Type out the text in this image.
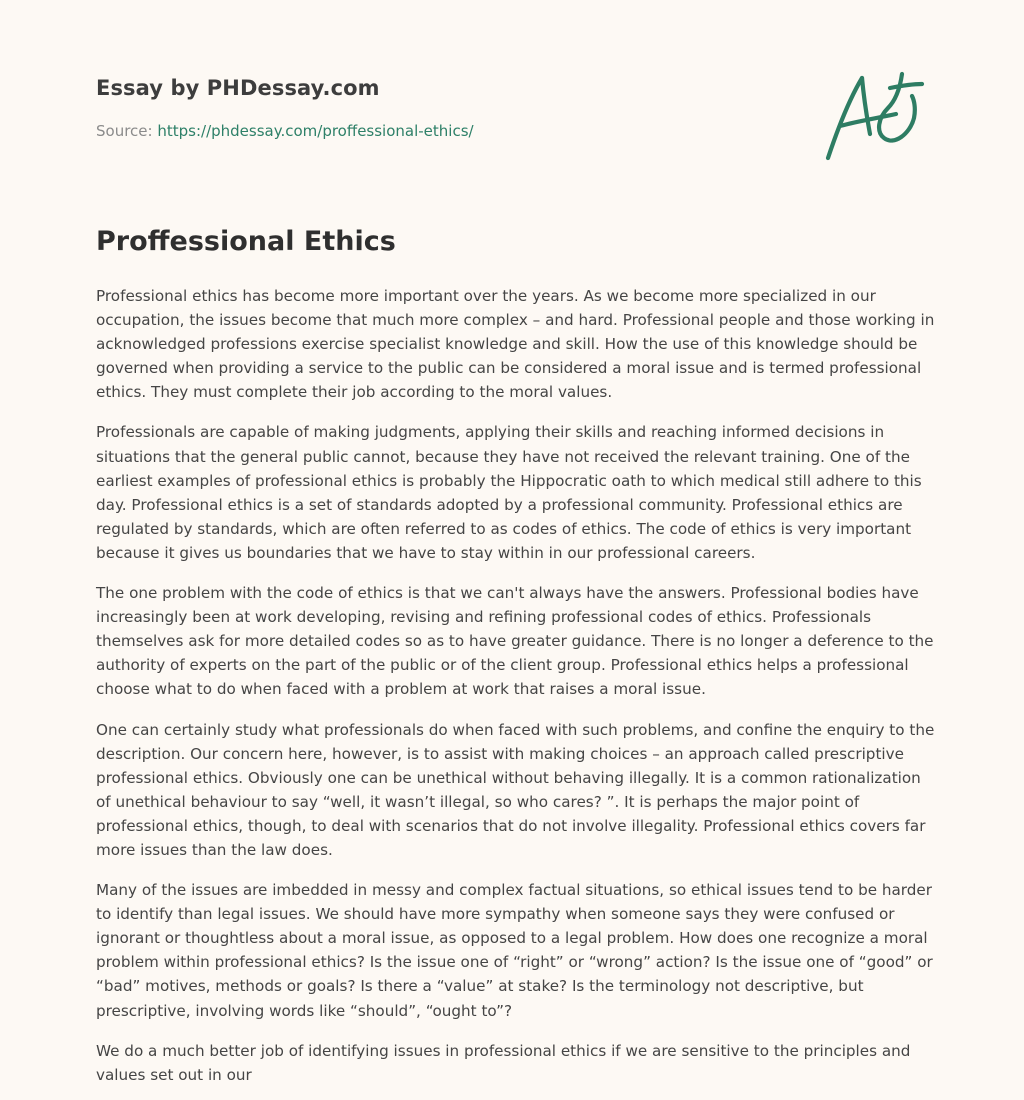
Essay by PHDessay.com
Source: https://phdessay.com/proffessional-ethics/
Proffessional Ethics

Professional ethics has become more important over the years. As we become more specialized in our occupation, the issues become that much more complex – and hard. Professional people and those working in acknowledged professions exercise specialist knowledge and skill. How the use of this knowledge should be governed when providing a service to the public can be considered a moral issue and is termed professional ethics. They must complete their job according to the moral values.

Professionals are capable of making judgments, applying their skills and reaching informed decisions in situations that the general public cannot, because they have not received the relevant training. One of the earliest examples of professional ethics is probably the Hippocratic oath to which medical still adhere to this day. Professional ethics is a set of standards adopted by a professional community. Professional ethics are regulated by standards, which are often referred to as codes of ethics. The code of ethics is very important because it gives us boundaries that we have to stay within in our professional careers.

The one problem with the code of ethics is that we can't always have the answers. Professional bodies have increasingly been at work developing, revising and refining professional codes of ethics. Professionals themselves ask for more detailed codes so as to have greater guidance. There is no longer a deference to the authority of experts on the part of the public or of the client group. Professional ethics helps a professional choose what to do when faced with a problem at work that raises a moral issue.

One can certainly study what professionals do when faced with such problems, and confine the enquiry to the description. Our concern here, however, is to assist with making choices – an approach called prescriptive professional ethics. Obviously one can be unethical without behaving illegally. It is a common rationalization of unethical behaviour to say “well, it wasn’t illegal, so who cares? ”. It is perhaps the major point of professional ethics, though, to deal with scenarios that do not involve illegality. Professional ethics covers far more issues than the law does.

Many of the issues are imbedded in messy and complex factual situations, so ethical issues tend to be harder to identify than legal issues. We should have more sympathy when someone says they were confused or ignorant or thoughtless about a moral issue, as opposed to a legal problem. How does one recognize a moral problem within professional ethics? Is the issue one of “right” or “wrong” action? Is the issue one of “good” or “bad” motives, methods or goals? Is there a “value” at stake? Is the terminology not descriptive, but prescriptive, involving words like “should”, “ought to”?

We do a much better job of identifying issues in professional ethics if we are sensitive to the principles and values set out in our
